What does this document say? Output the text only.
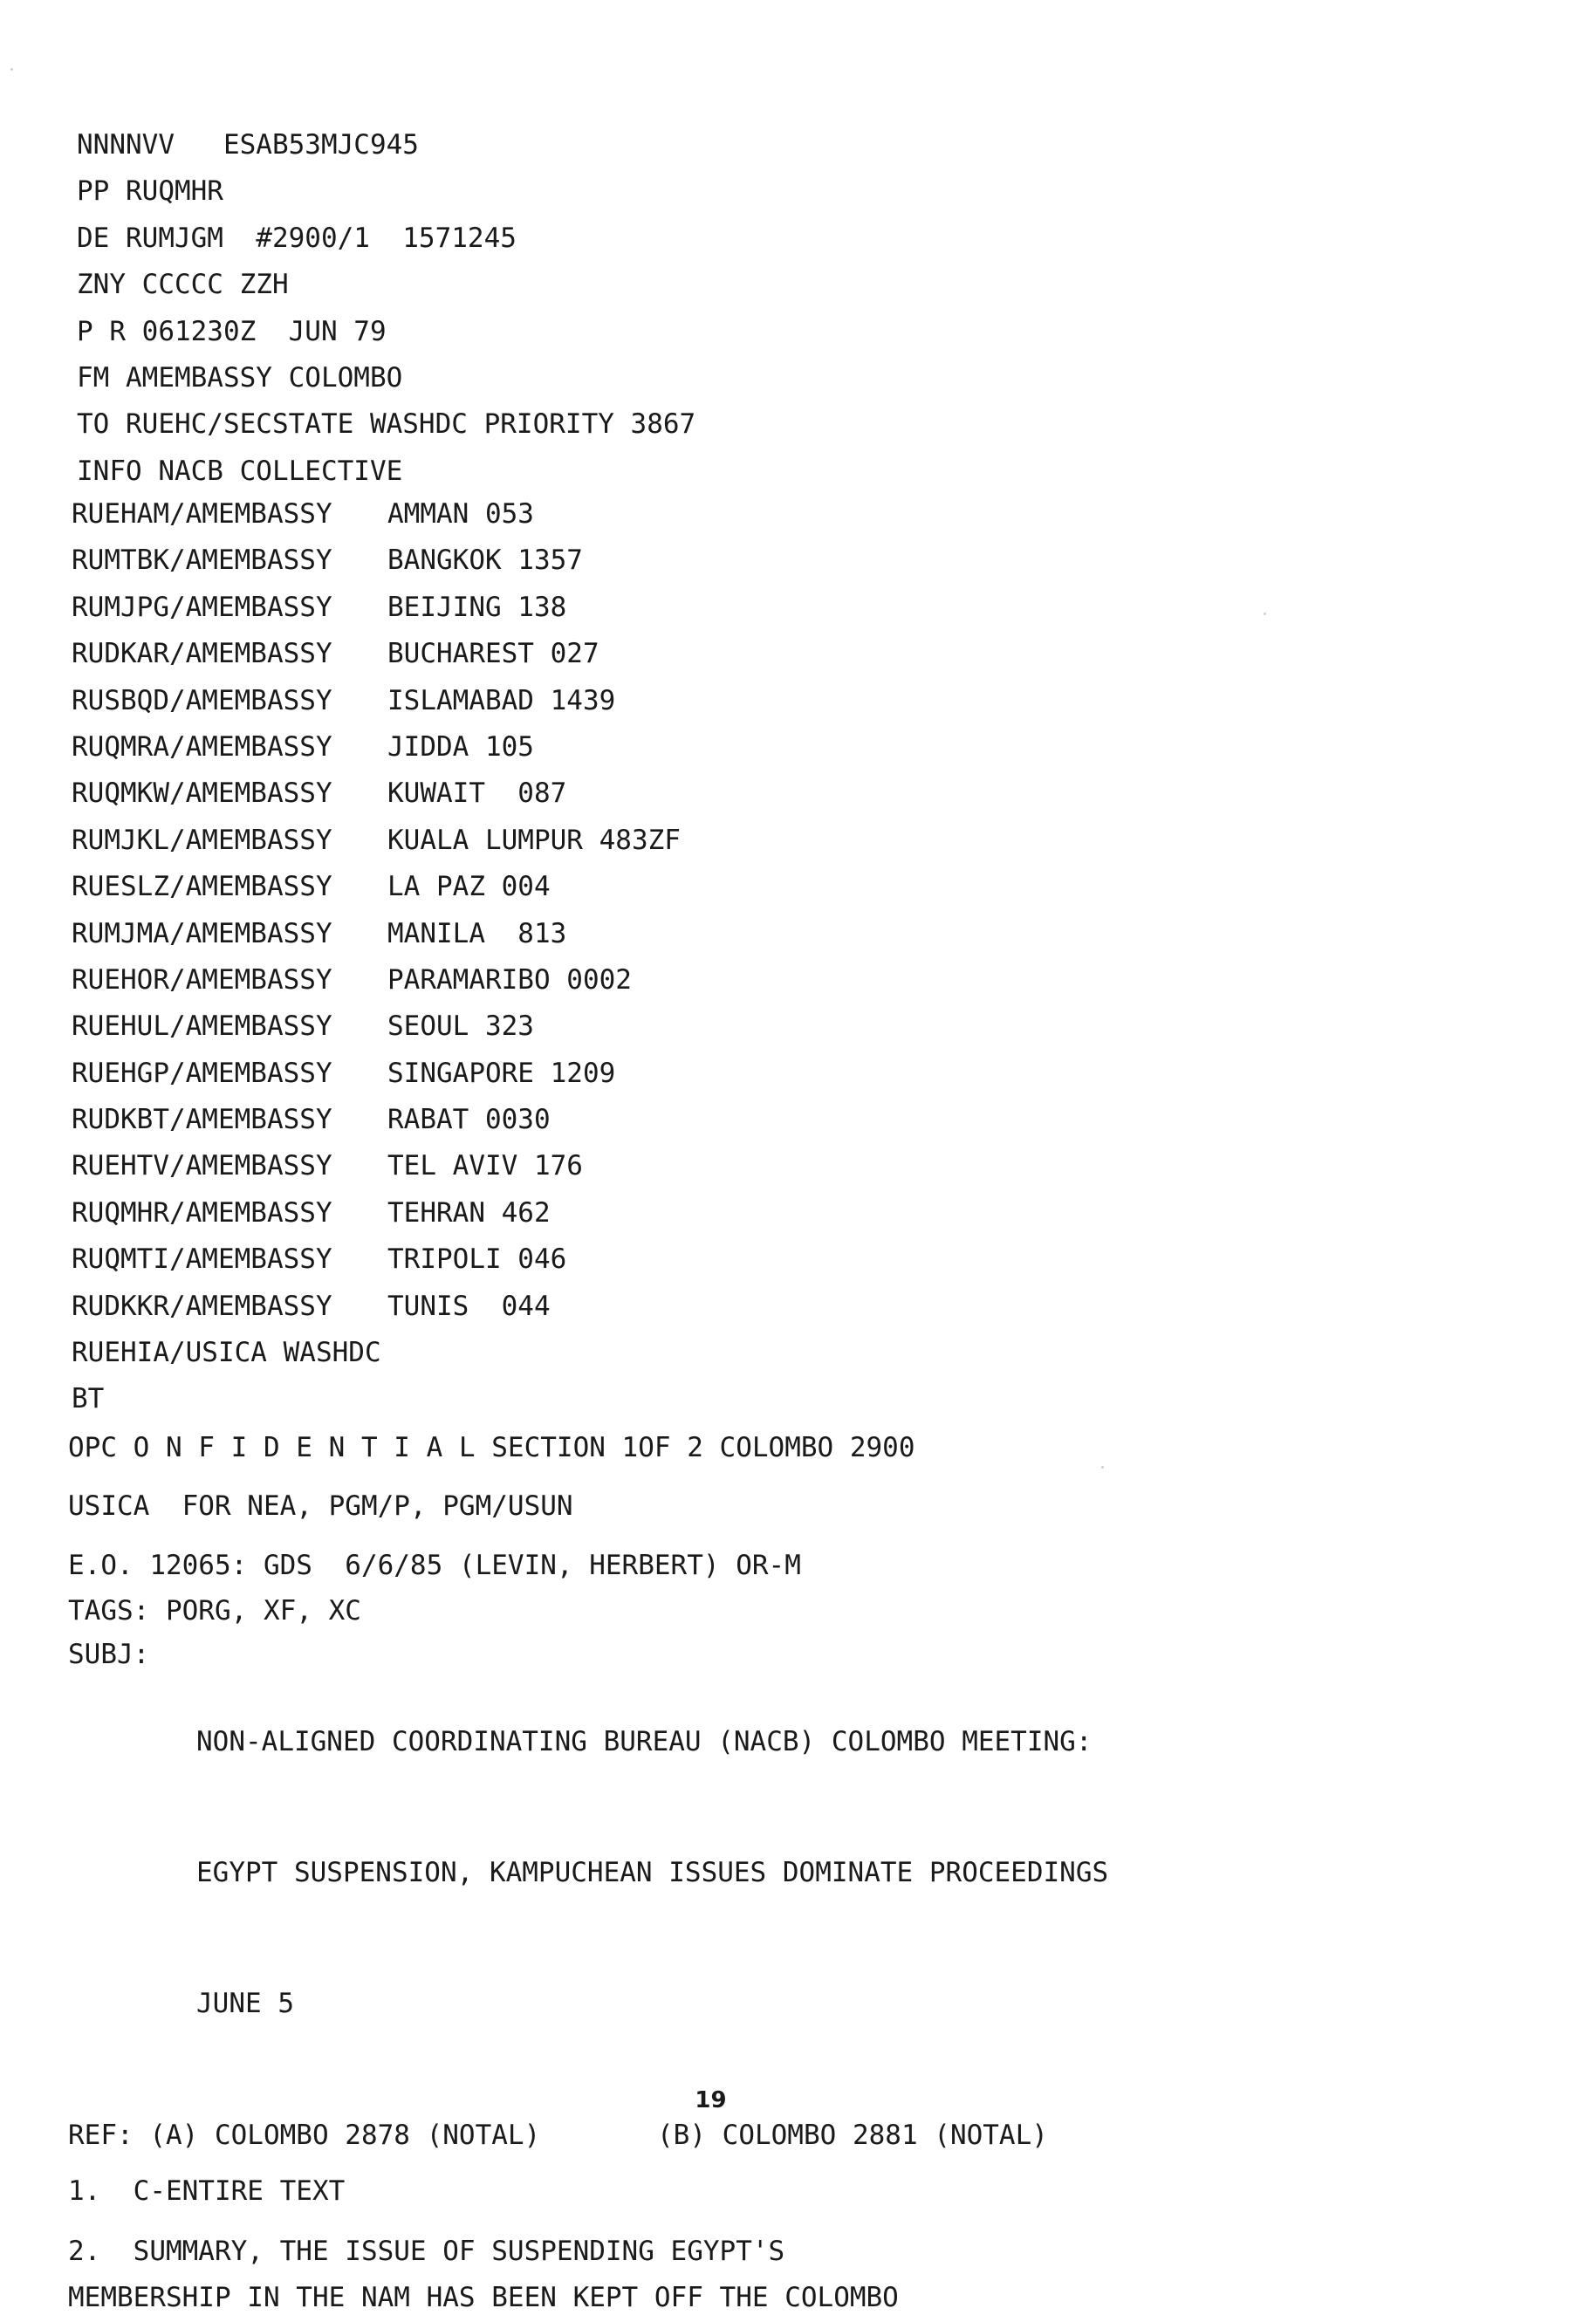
NNNNVV   ESAB53MJC945
PP RUQMHR
DE RUMJGM  #2900/1  1571245
ZNY CCCCC ZZH
P R 061230Z  JUN 79
FM AMEMBASSY COLOMBO
TO RUEHC/SECSTATE WASHDC PRIORITY 3867
INFO NACB COLLECTIVE
RUEHAM/AMEMBASSY	AMMAN 053
RUMTBK/AMEMBASSY	BANGKOK 1357
RUMJPG/AMEMBASSY	BEIJING 138
RUDKAR/AMEMBASSY	BUCHAREST 027
RUSBQD/AMEMBASSY	ISLAMABAD 1439
RUQMRA/AMEMBASSY	JIDDA 105
RUQMKW/AMEMBASSY	KUWAIT  087
RUMJKL/AMEMBASSY	KUALA LUMPUR 483ZF
RUESLZ/AMEMBASSY	LA PAZ 004
RUMJMA/AMEMBASSY	MANILA  813
RUEHOR/AMEMBASSY	PARAMARIBO 0002
RUEHUL/AMEMBASSY	SEOUL 323
RUEHGP/AMEMBASSY	SINGAPORE 1209
RUDKBT/AMEMBASSY	RABAT 0030
RUEHTV/AMEMBASSY	TEL AVIV 176
RUQMHR/AMEMBASSY	TEHRAN 462
RUQMTI/AMEMBASSY	TRIPOLI 046
RUDKKR/AMEMBASSY	TUNIS  044
RUEHIA/USICA WASHDC
BT
OPC O N F I D E N T I A L SECTION 1OF 2 COLOMBO 2900
USICA  FOR NEA, PGM/P, PGM/USUN
E.O. 12065: GDS  6/6/85 (LEVIN, HERBERT) OR-M
TAGS: PORG, XF, XC
SUBJ:

NON-ALIGNED COORDINATING BUREAU (NACB) COLOMBO MEETING:

EGYPT SUSPENSION, KAMPUCHEAN ISSUES DOMINATE PROCEEDINGS

JUNE 5

REF: (A) COLOMBO 2878 (NOTAL)	(B) COLOMBO 2881 (NOTAL)
1.  C-ENTIRE TEXT
2.  SUMMARY, THE ISSUE OF SUSPENDING EGYPT'S
MEMBERSHIP IN THE NAM HAS BEEN KEPT OFF THE COLOMBO
19
